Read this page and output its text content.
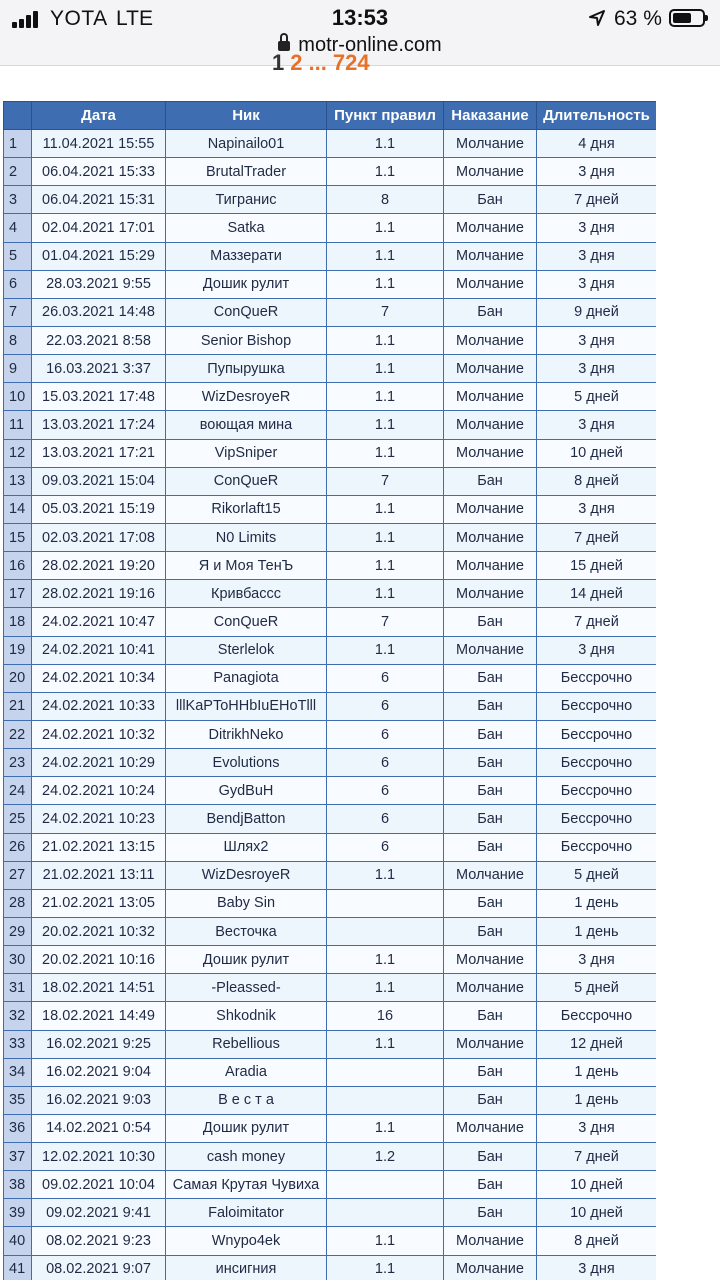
YOTA LTE	13:53	63 %
motr-online.com
1 2 ... 724
	Дата	Ник	Пункт правил	Наказание	Длительность
1	11.04.2021 15:55	Napinailo01	1.1	Молчание	4 дня
2	06.04.2021 15:33	BrutalTrader	1.1	Молчание	3 дня
3	06.04.2021 15:31	Тигранис	8	Бан	7 дней
4	02.04.2021 17:01	Satka	1.1	Молчание	3 дня
5	01.04.2021 15:29	Маззерати	1.1	Молчание	3 дня
6	28.03.2021 9:55	Дошик рулит	1.1	Молчание	3 дня
7	26.03.2021 14:48	ConQueR	7	Бан	9 дней
8	22.03.2021 8:58	Senior Bishop	1.1	Молчание	3 дня
9	16.03.2021 3:37	Пупырушка	1.1	Молчание	3 дня
10	15.03.2021 17:48	WizDesroyeR	1.1	Молчание	5 дней
11	13.03.2021 17:24	воющая мина	1.1	Молчание	3 дня
12	13.03.2021 17:21	VipSniper	1.1	Молчание	10 дней
13	09.03.2021 15:04	ConQueR	7	Бан	8 дней
14	05.03.2021 15:19	Rikorlaft15	1.1	Молчание	3 дня
15	02.03.2021 17:08	N0 Limits	1.1	Молчание	7 дней
16	28.02.2021 19:20	Я и Моя ТенЪ	1.1	Молчание	15 дней
17	28.02.2021 19:16	Кривбассс	1.1	Молчание	14 дней
18	24.02.2021 10:47	ConQueR	7	Бан	7 дней
19	24.02.2021 10:41	Sterlelok	1.1	Молчание	3 дня
20	24.02.2021 10:34	Panagiota	6	Бан	Бессрочно
21	24.02.2021 10:33	lllKaPToHHbIuEHoTlll	6	Бан	Бессрочно
22	24.02.2021 10:32	DitrikhNeko	6	Бан	Бессрочно
23	24.02.2021 10:29	Evolutions	6	Бан	Бессрочно
24	24.02.2021 10:24	GydBuH	6	Бан	Бессрочно
25	24.02.2021 10:23	BendjBatton	6	Бан	Бессрочно
26	21.02.2021 13:15	Шлях2	6	Бан	Бессрочно
27	21.02.2021 13:11	WizDesroyeR	1.1	Молчание	5 дней
28	21.02.2021 13:05	Baby Sin		Бан	1 день
29	20.02.2021 10:32	Весточка		Бан	1 день
30	20.02.2021 10:16	Дошик рулит	1.1	Молчание	3 дня
31	18.02.2021 14:51	-Pleassed-	1.1	Молчание	5 дней
32	18.02.2021 14:49	Shkodnik	16	Бан	Бессрочно
33	16.02.2021 9:25	Rebellious	1.1	Молчание	12 дней
34	16.02.2021 9:04	Aradia		Бан	1 день
35	16.02.2021 9:03	В е с т а		Бан	1 день
36	14.02.2021 0:54	Дошик рулит	1.1	Молчание	3 дня
37	12.02.2021 10:30	cash money	1.2	Бан	7 дней
38	09.02.2021 10:04	Самая Крутая Чувиха		Бан	10 дней
39	09.02.2021 9:41	Faloimitator		Бан	10 дней
40	08.02.2021 9:23	Wnypo4ek	1.1	Молчание	8 дней
41	08.02.2021 9:07	инсигния	1.1	Молчание	3 дня
